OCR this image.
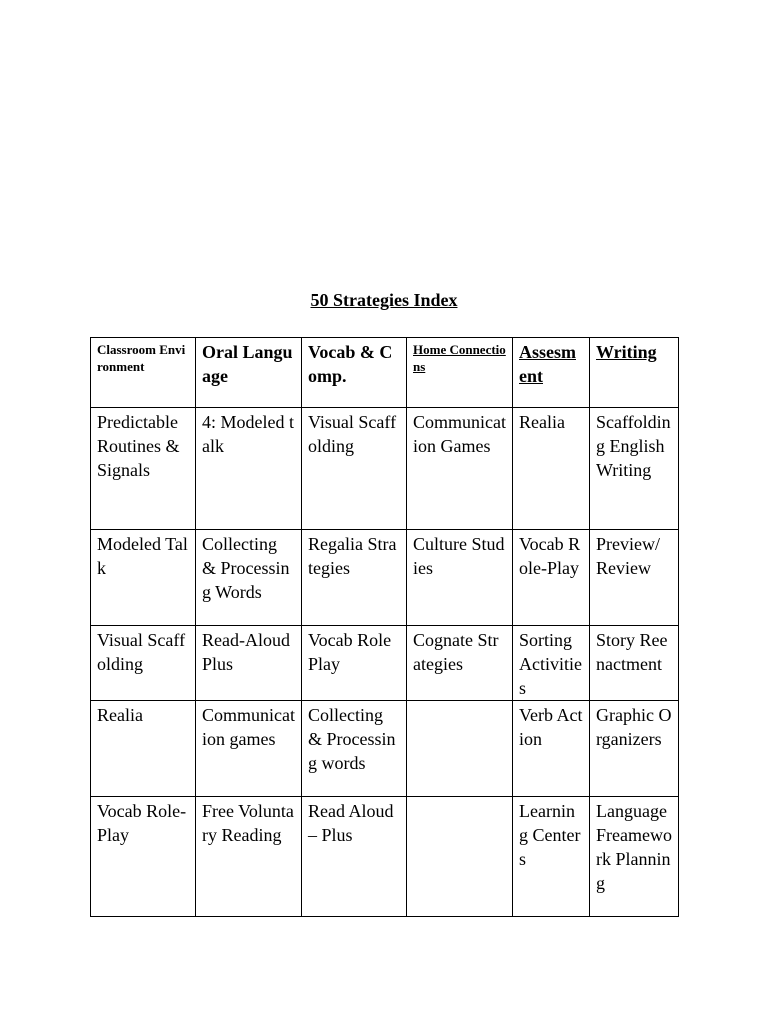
50 Strategies Index
Classroom Environment	Oral Language	Vocab & Comp.	Home Connections	Assesment	Writing
Predictable Routines & Signals	4: Modeled talk	Visual Scaffolding	Communication Games	Realia	Scaffolding English Writing
Modeled Talk	Collecting & Processing Words	Regalia Strategies	Culture Studies	Vocab Role-Play	Preview/ Review
Visual Scaffolding	Read-Aloud Plus	Vocab Role Play	Cognate Strategies	Sorting Activities	Story Reenactment
Realia	Communication games	Collecting & Processing words		Verb Action	Graphic Organizers
Vocab Role-Play	Free Voluntary Reading	Read Aloud – Plus		Learning Centers	Language Freamework Planning
